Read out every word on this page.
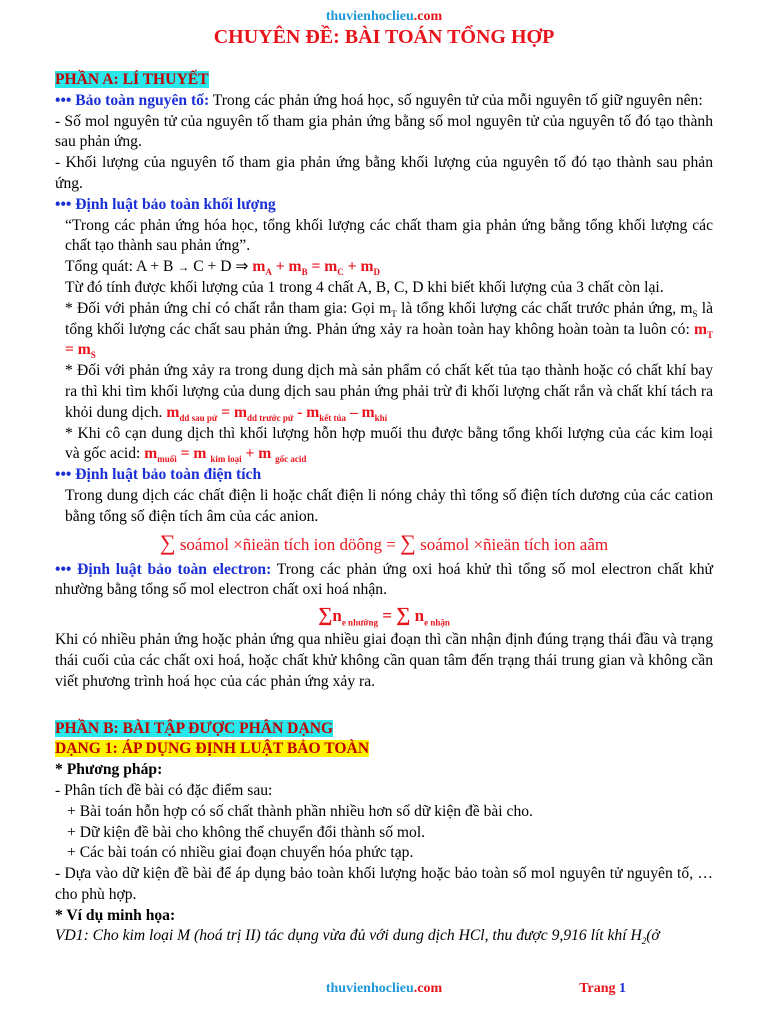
thuvienhoclieu.com
CHUYÊN ĐỀ: BÀI TOÁN TỔNG HỢP

PHẦN A: LÍ THUYẾT

••• Bảo toàn nguyên tố: Trong các phản ứng hoá học, số nguyên tử của mỗi nguyên tố giữ nguyên nên:

- Số mol nguyên tử của nguyên tố tham gia phản ứng bằng số mol nguyên tử của nguyên tố đó tạo thành sau phản ứng.

- Khối lượng của nguyên tố tham gia phản ứng bằng khối lượng của nguyên tố đó tạo thành sau phản ứng.

••• Định luật bảo toàn khối lượng

“Trong các phản ứng hóa học, tổng khối lượng các chất tham gia phản ứng bằng tổng khối lượng các chất tạo thành sau phản ứng”.

Tổng quát: A + B → C + D ⇒ $m_A + m_B = m_C + m_D$

Từ đó tính được khối lượng của 1 trong 4 chất A, B, C, D khi biết khối lượng của 3 chất còn lại.

* Đối với phản ứng chỉ có chất rắn tham gia: Gọi $m_T$ là tổng khối lượng các chất trước phản ứng, $m_S$ là tổng khối lượng các chất sau phản ứng. Phản ứng xảy ra hoàn toàn hay không hoàn toàn ta luôn có: $m_T = m_S$

* Đối với phản ứng xảy ra trong dung dịch mà sản phẩm có chất kết tủa tạo thành hoặc có chất khí bay ra thì khi tìm khối lượng của dung dịch sau phản ứng phải trừ đi khối lượng chất rắn và chất khí tách ra khỏi dung dịch. $m_{dd sau pứ} = m_{dd trước pứ} - m_{kết tủa} - m_{khí}$

* Khi cô cạn dung dịch thì khối lượng hỗn hợp muối thu được bằng tổng khối lượng của các kim loại và gốc acid: $m_{muối} = m$ $_{kim loại}$ + m $_{gốc acid}$

••• Định luật bảo toàn điện tích

Trong dung dịch các chất điện li hoặc chất điện li nóng chảy thì tổng số điện tích dương của các cation bằng tổng số điện tích âm của các anion.

∑ soámol ×ñieän tích ion döông = ∑ soámol ×ñieän tích ion aâm

••• Định luật bảo toàn electron: Trong các phản ứng oxi hoá khử thì tổng số mol electron chất khử nhường bằng tổng số mol electron chất oxi hoá nhận.

$\sum n_{e nhường}$ = ∑ $n_{e nhận}$

Khi có nhiều phản ứng hoặc phản ứng qua nhiều giai đoạn thì cần nhận định đúng trạng thái đầu và trạng thái cuối của các chất oxi hoá, hoặc chất khử không cần quan tâm đến trạng thái trung gian và không cần viết phương trình hoá học của các phản ứng xảy ra.

PHẦN B: BÀI TẬP ĐƯỢC PHÂN DẠNG

DẠNG 1: ÁP DỤNG ĐỊNH LUẬT BẢO TOÀN

* Phương pháp:

- Phân tích đề bài có đặc điểm sau:

+ Bài toán hỗn hợp có số chất thành phần nhiều hơn số dữ kiện đề bài cho.

+ Dữ kiện đề bài cho không thể chuyển đổi thành số mol.

+ Các bài toán có nhiều giai đoạn chuyển hóa phức tạp.

- Dựa vào dữ kiện đề bài để áp dụng bảo toàn khối lượng hoặc bảo toàn số mol nguyên tử nguyên tố, … cho phù hợp.

* Ví dụ minh họa:

VD1: Cho kim loại M (hoá trị II) tác dụng vừa đủ với dung dịch HCl, thu được 9,916 lít khí $H_2(ở$

thuvienhoclieu.com	Trang 1
